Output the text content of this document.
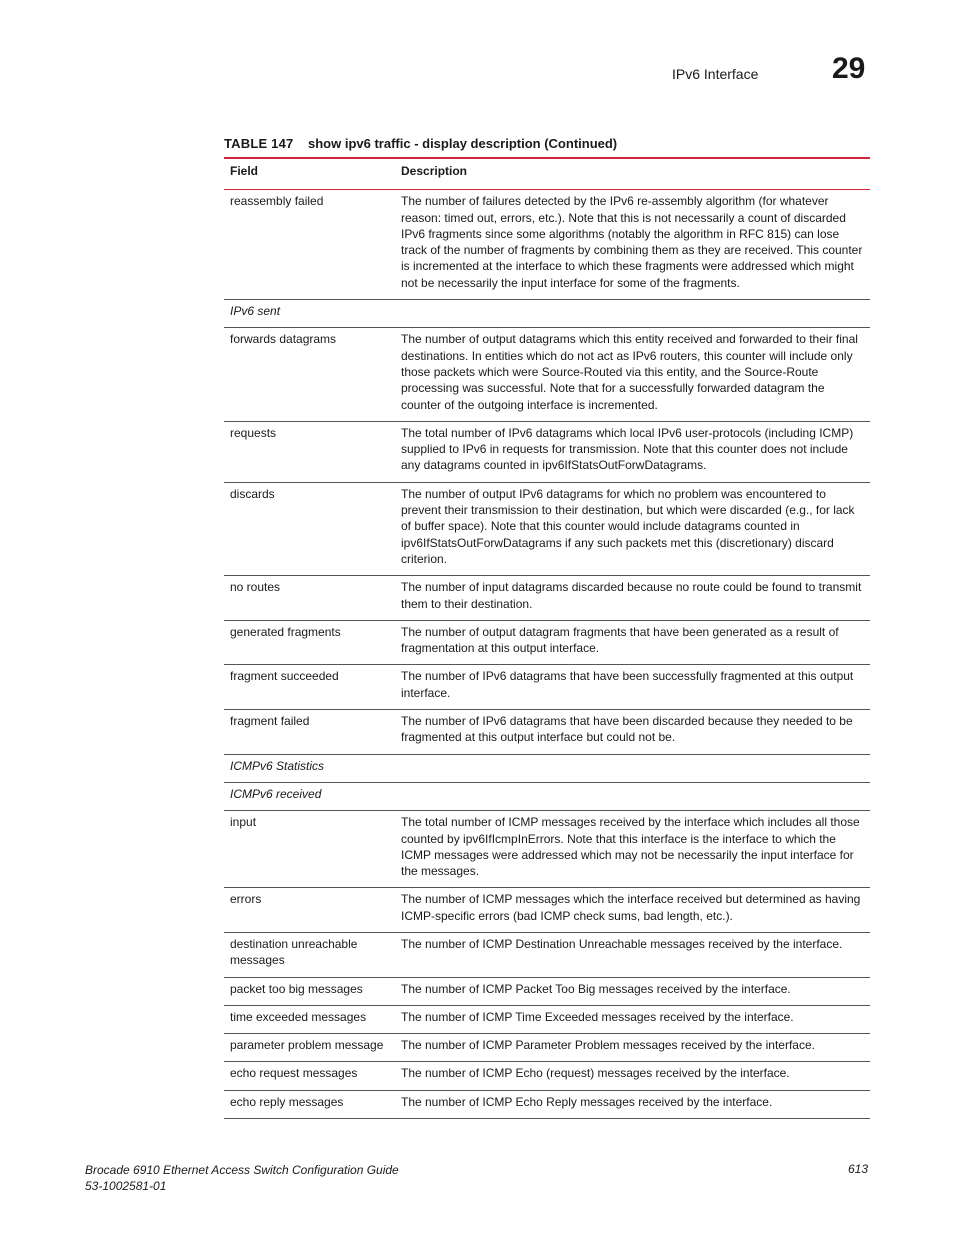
IPv6 Interface 29
TABLE 147 show ipv6 traffic - display description (Continued)
Field	Description
reassembly failed	The number of failures detected by the IPv6 re-assembly algorithm (for whatever reason: timed out, errors, etc.). Note that this is not necessarily a count of discarded IPv6 fragments since some algorithms (notably the algorithm in RFC 815) can lose track of the number of fragments by combining them as they are received. This counter is incremented at the interface to which these fragments were addressed which might not be necessarily the input interface for some of the fragments.
IPv6 sent	
forwards datagrams	The number of output datagrams which this entity received and forwarded to their final destinations. In entities which do not act as IPv6 routers, this counter will include only those packets which were Source-Routed via this entity, and the Source-Route processing was successful. Note that for a successfully forwarded datagram the counter of the outgoing interface is incremented.
requests	The total number of IPv6 datagrams which local IPv6 user-protocols (including ICMP) supplied to IPv6 in requests for transmission. Note that this counter does not include any datagrams counted in ipv6IfStatsOutForwDatagrams.
discards	The number of output IPv6 datagrams for which no problem was encountered to prevent their transmission to their destination, but which were discarded (e.g., for lack of buffer space). Note that this counter would include datagrams counted in ipv6IfStatsOutForwDatagrams if any such packets met this (discretionary) discard criterion.
no routes	The number of input datagrams discarded because no route could be found to transmit them to their destination.
generated fragments	The number of output datagram fragments that have been generated as a result of fragmentation at this output interface.
fragment succeeded	The number of IPv6 datagrams that have been successfully fragmented at this output interface.
fragment failed	The number of IPv6 datagrams that have been discarded because they needed to be fragmented at this output interface but could not be.
ICMPv6 Statistics	
ICMPv6 received	
input	The total number of ICMP messages received by the interface which includes all those counted by ipv6IfIcmpInErrors. Note that this interface is the interface to which the ICMP messages were addressed which may not be necessarily the input interface for the messages.
errors	The number of ICMP messages which the interface received but determined as having ICMP-specific errors (bad ICMP check sums, bad length, etc.).
destination unreachable messages	The number of ICMP Destination Unreachable messages received by the interface.
packet too big messages	The number of ICMP Packet Too Big messages received by the interface.
time exceeded messages	The number of ICMP Time Exceeded messages received by the interface.
parameter problem message	The number of ICMP Parameter Problem messages received by the interface.
echo request messages	The number of ICMP Echo (request) messages received by the interface.
echo reply messages	The number of ICMP Echo Reply messages received by the interface.
Brocade 6910 Ethernet Access Switch Configuration Guide
53-1002581-01
613
